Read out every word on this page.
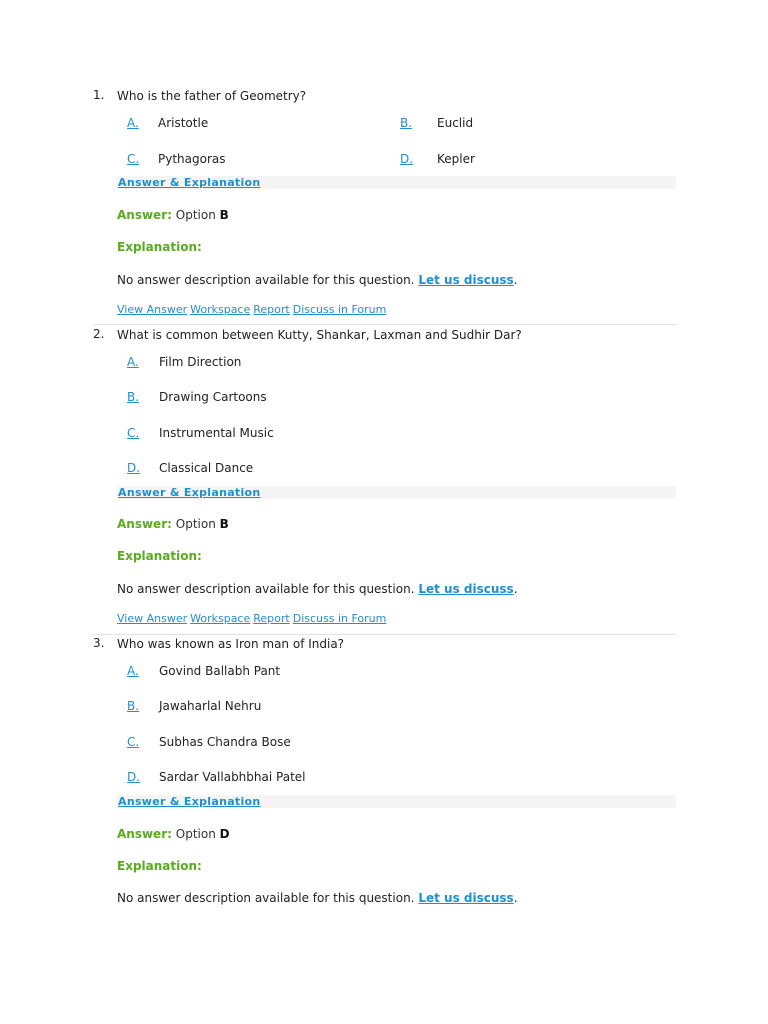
1. Who is the father of Geometry?
A. Aristotle	B. Euclid
C. Pythagoras	D. Kepler
Answer & Explanation
Answer: Option B
Explanation:
No answer description available for this question. Let us discuss.
View Answer Workspace Report Discuss in Forum
2. What is common between Kutty, Shankar, Laxman and Sudhir Dar?
A. Film Direction
B. Drawing Cartoons
C. Instrumental Music
D. Classical Dance
Answer & Explanation
Answer: Option B
Explanation:
No answer description available for this question. Let us discuss.
View Answer Workspace Report Discuss in Forum
3. Who was known as Iron man of India?
A. Govind Ballabh Pant
B. Jawaharlal Nehru
C. Subhas Chandra Bose
D. Sardar Vallabhbhai Patel
Answer & Explanation
Answer: Option D
Explanation:
No answer description available for this question. Let us discuss.
